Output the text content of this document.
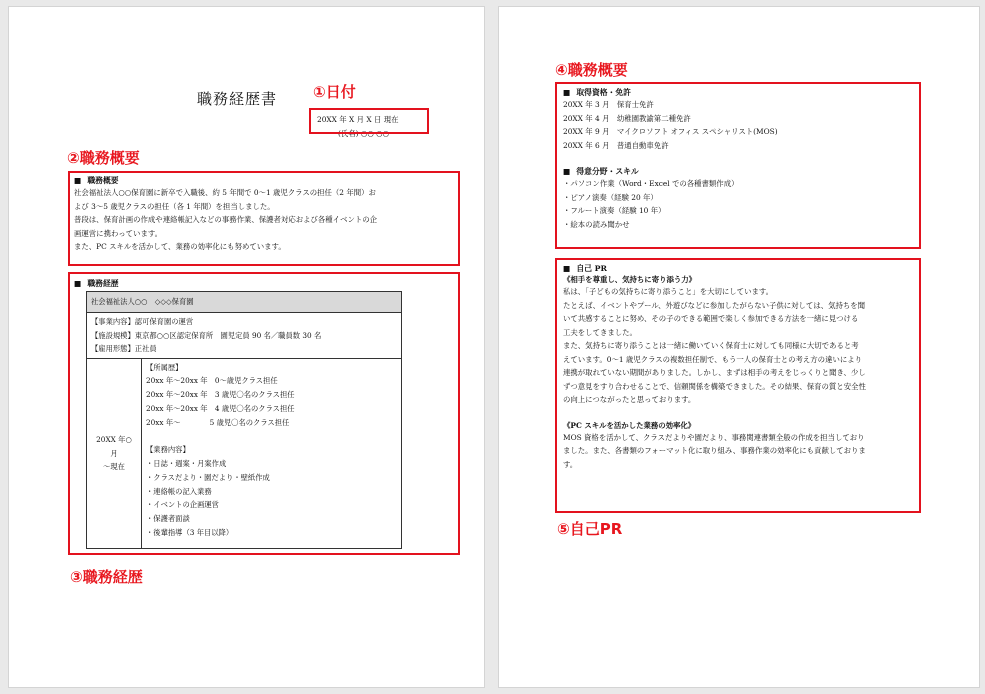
職務経歴書
20XX 年 X 月 X 日 現在
(氏名) ○○ ○○
①日付
②職務概要
③職務経歴
■ 職務概要
社会福祉法人○○保育園に新卒で入職後、約 5 年間で 0～1 歳児クラスの担任（2 年間）お
よび 3～5 歳児クラスの担任（各 1 年間）を担当しました。
普段は、保育計画の作成や連絡帳記入などの事務作業、保護者対応および各種イベントの企
画運営に携わっています。
また、PC スキルを活かして、業務の効率化にも努めています。
■ 職務経歴
社会福祉法人○○　◇◇◇保育園
【事業内容】認可保育園の運営
【施設規模】東京都○○区認定保育所　園児定員 90 名／職員数 30 名
【雇用形態】正社員
20XX 年○
月
～現在
【所属歴】
20xx 年～20xx 年　0～歳児クラス担任
20xx 年～20xx 年　3 歳児〇名のクラス担任
20xx 年～20xx 年　4 歳児〇名のクラス担任
20xx 年～　　　　5 歳児〇名のクラス担任
【業務内容】
・日誌・週案・月案作成
・クラスだより・園だより・壁紙作成
・連絡帳の記入業務
・イベントの企画運営
・保護者面談
・後輩指導（3 年目以降）
④職務概要
■ 取得資格・免許
20XX 年 3 月　保育士免許
20XX 年 4 月　幼稚園教諭第二種免許
20XX 年 9 月　マイクロソフト オフィス スペシャリスト(MOS)
20XX 年 6 月　普通自動車免許
■ 得意分野・スキル
・パソコン作業（Word・Excel での各種書類作成）
・ピアノ演奏（経験 20 年）
・フルート演奏（経験 10 年）
・絵本の読み聞かせ
■ 自己 PR
《相手を尊重し、気持ちに寄り添う力》
私は、「子どもの気持ちに寄り添うこと」を大切にしています。
たとえば、イベントやプール、外遊びなどに参加したがらない子供に対しては、気持ちを聞
いて共感することに努め、その子のできる範囲で楽しく参加できる方法を一緒に見つける
工夫をしてきました。
また、気持ちに寄り添うことは一緒に働いていく保育士に対しても同様に大切であると考
えています。0～1 歳児クラスの複数担任制で、もう一人の保育士との考え方の違いにより
連携が取れていない期間がありました。しかし、まずは相手の考えをじっくりと聞き、少し
ずつ意見をすり合わせることで、信頼関係を構築できました。その結果、保育の質と安全性
の向上につながったと思っております。
《PC スキルを活かした業務の効率化》
MOS 資格を活かして、クラスだよりや園だより、事務関連書類全般の作成を担当しており
ました。また、各書類のフォーマット化に取り組み、事務作業の効率化にも貢献しておりま
す。
⑤自己PR
